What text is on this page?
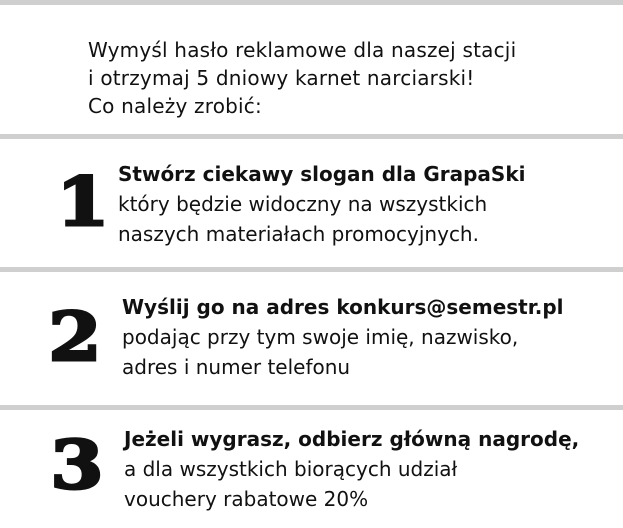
Wymyśl hasło reklamowe dla naszej stacji
i otrzymaj 5 dniowy karnet narciarski!
Co należy zrobić:
1 Stwórz ciekawy slogan dla GrapaSki
który będzie widoczny na wszystkich
naszych materiałach promocyjnych.
2 Wyślij go na adres konkurs@semestr.pl
podając przy tym swoje imię, nazwisko,
adres i numer telefonu
3 Jeżeli wygrasz, odbierz główną nagrodę,
a dla wszystkich biorących udział
vouchery rabatowe 20%
